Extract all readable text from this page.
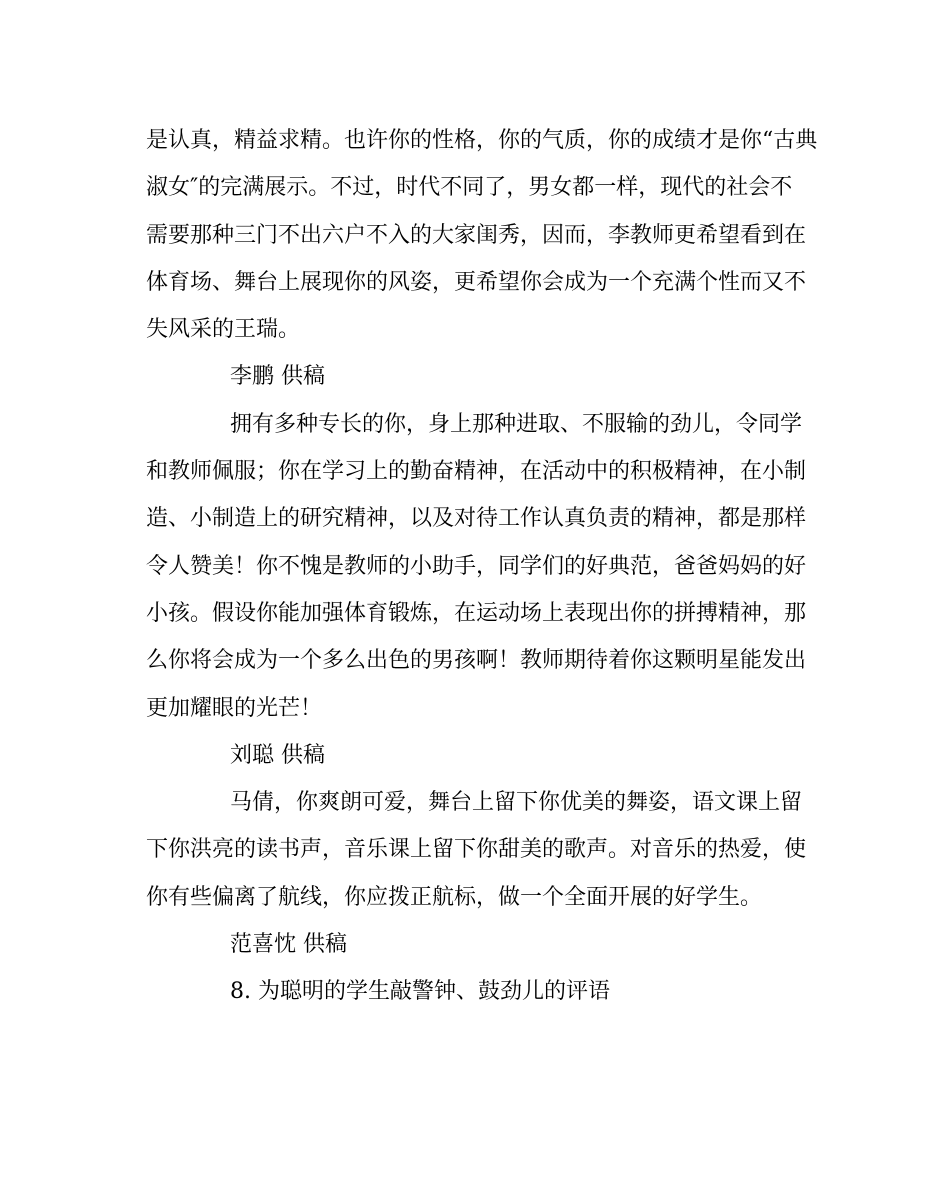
是认真，精益求精。也许你的性格，你的气质，你的成绩才是你“古典
淑女″的完满展示。不过，时代不同了，男女都一样，现代的社会不
需要那种三门不出六户不入的大家闺秀，因而，李教师更希望看到在
体育场、舞台上展现你的风姿，更希望你会成为一个充满个性而又不
失风采的王瑞。
李鹏 供稿
拥有多种专长的你，身上那种进取、不服输的劲儿，令同学
和教师佩服；你在学习上的勤奋精神，在活动中的积极精神，在小制
造、小制造上的研究精神，以及对待工作认真负责的精神，都是那样
令人赞美！你不愧是教师的小助手，同学们的好典范，爸爸妈妈的好
小孩。假设你能加强体育锻炼，在运动场上表现出你的拼搏精神，那
么你将会成为一个多么出色的男孩啊！教师期待着你这颗明星能发出
更加耀眼的光芒！
刘聪 供稿
马倩，你爽朗可爱，舞台上留下你优美的舞姿，语文课上留
下你洪亮的读书声，音乐课上留下你甜美的歌声。对音乐的热爱，使
你有些偏离了航线，你应拨正航标，做一个全面开展的好学生。
范喜忱 供稿
8. 为聪明的学生敲警钟、鼓劲儿的评语
